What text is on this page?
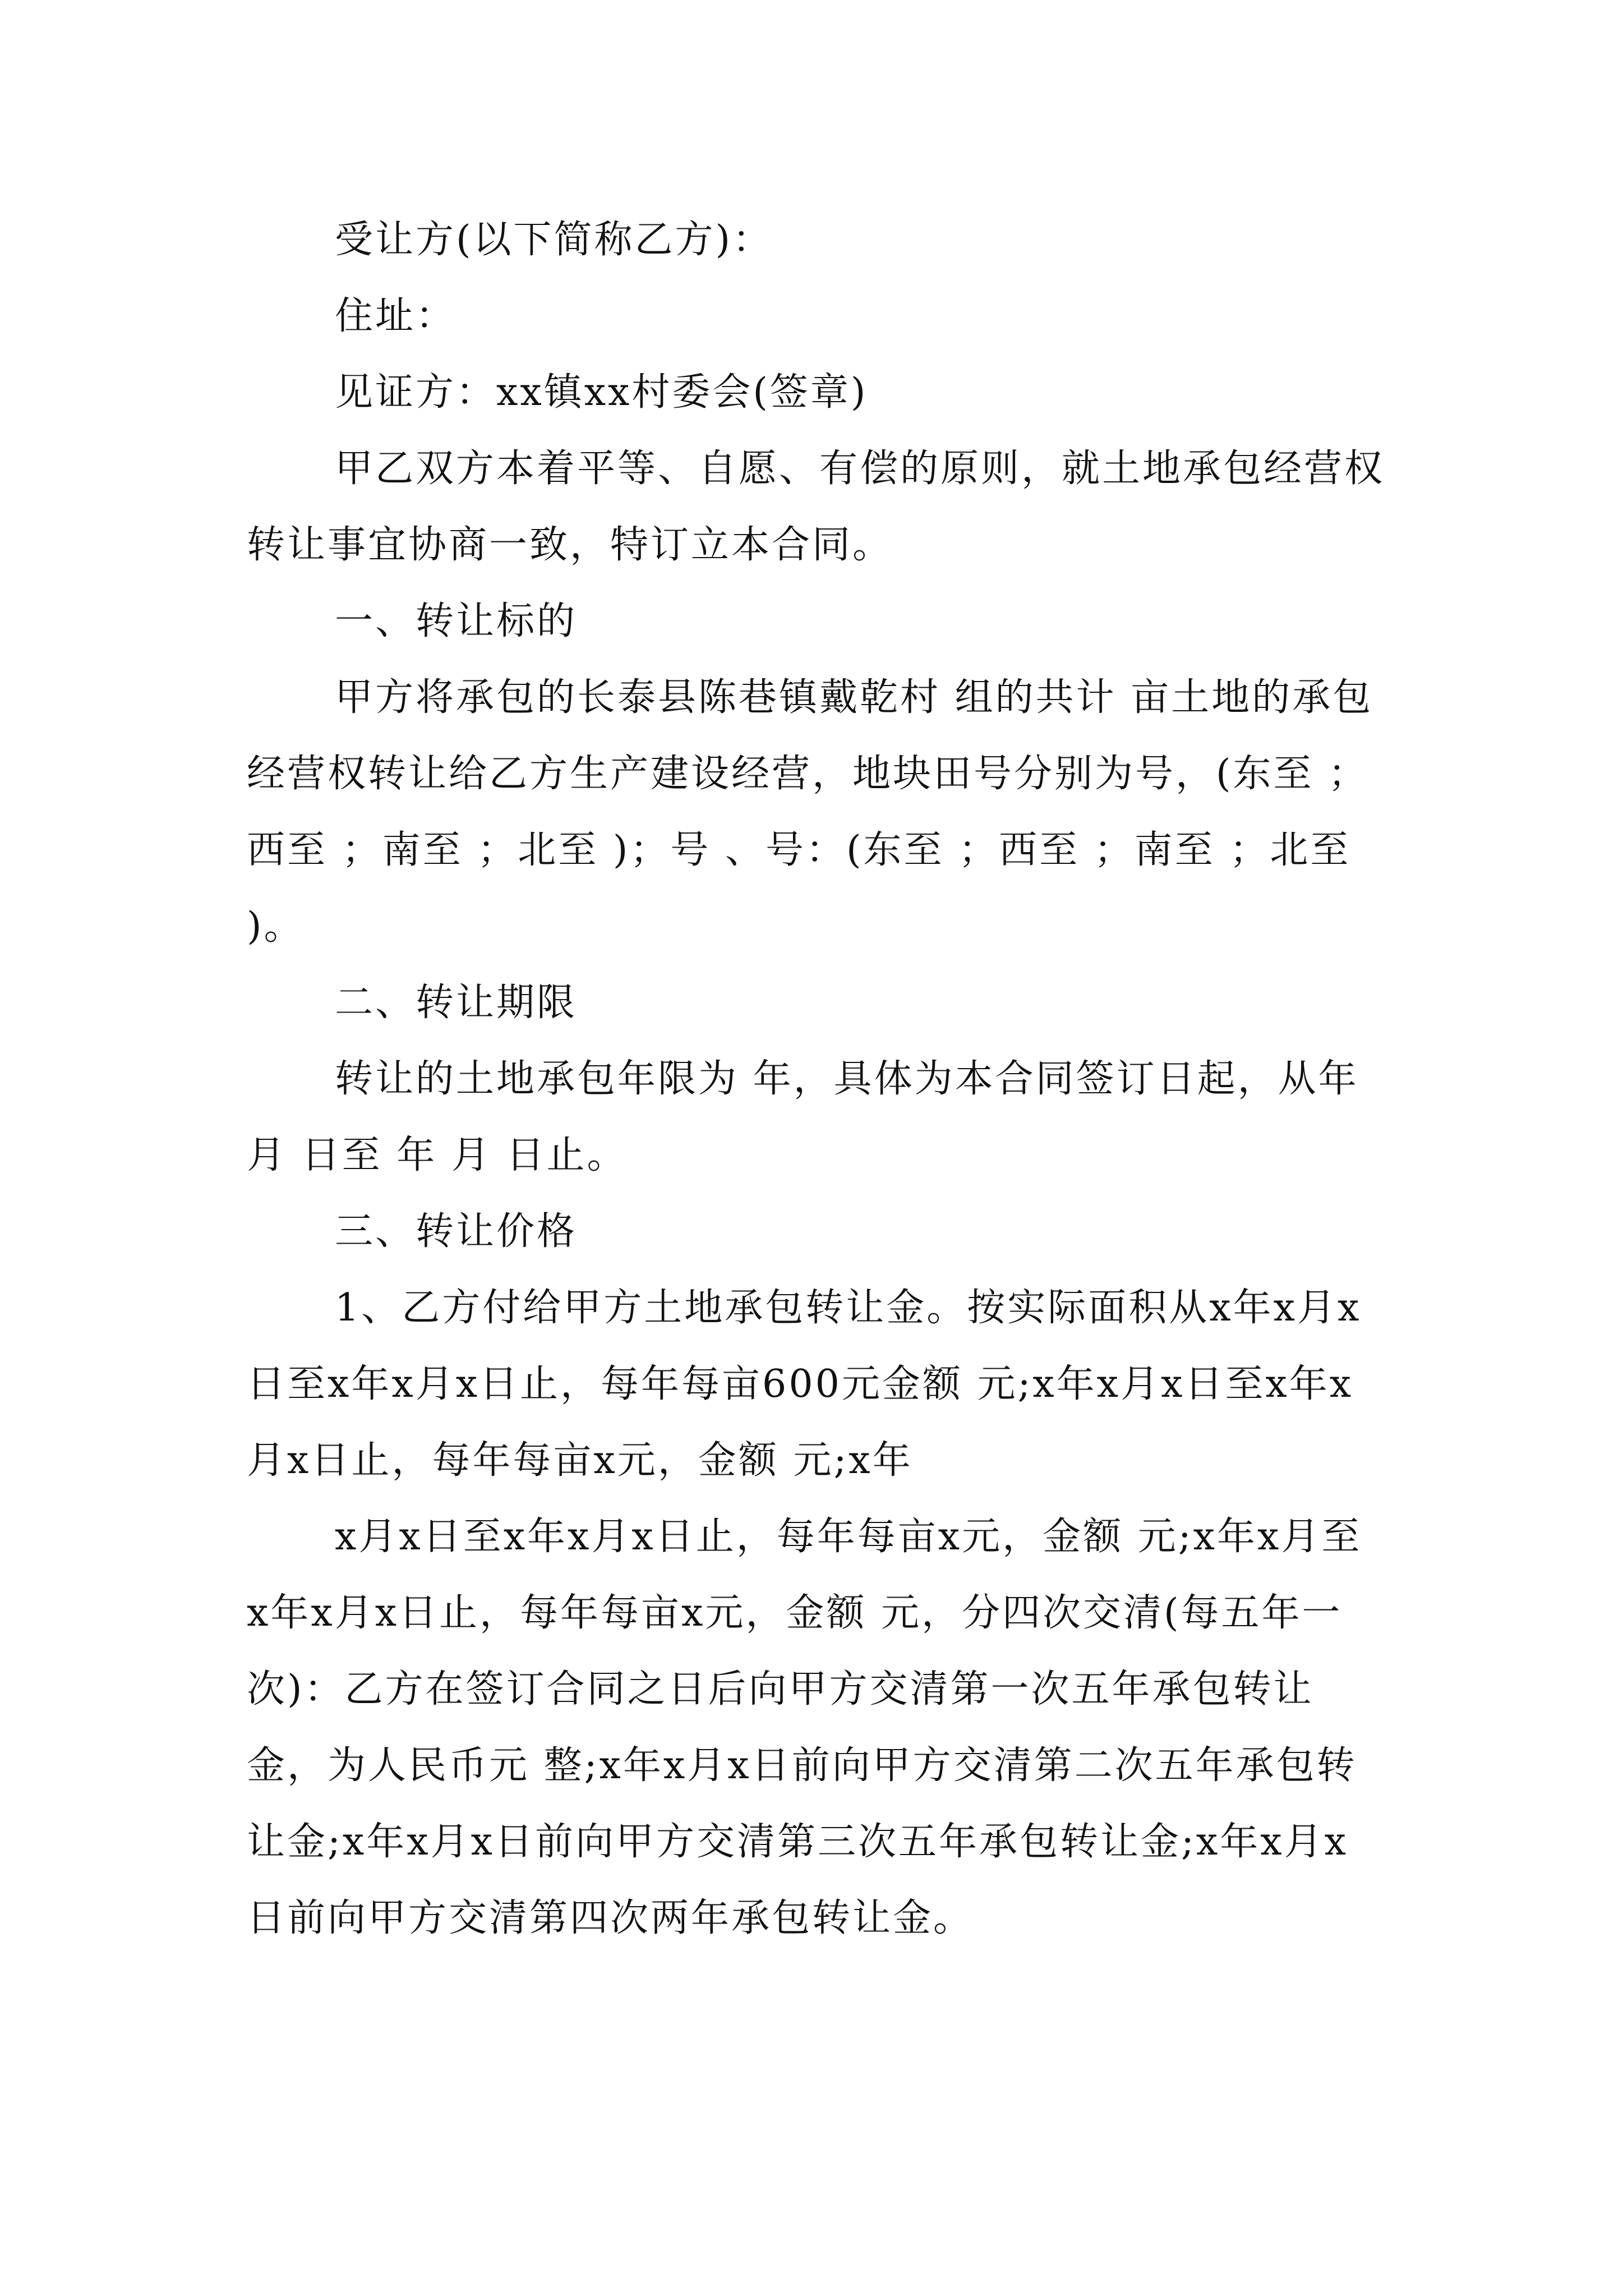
受让方(以下简称乙方)：

住址：

见证方：xx镇xx村委会(签章)

甲乙双方本着平等、自愿、有偿的原则，就土地承包经营权转让事宜协商一致，特订立本合同。

一、转让标的

甲方将承包的长泰县陈巷镇戴乾村 组的共计 亩土地的承包经营权转让给乙方生产建设经营，地块田号分别为号，(东至 ；西至 ；南至 ；北至 )；号 、号：(东至 ；西至 ；南至 ；北至 )。

二、转让期限

转让的土地承包年限为 年，具体为本合同签订日起，从年 月 日至 年 月 日止。

三、转让价格

1、乙方付给甲方土地承包转让金。按实际面积从x年x月x日至x年x月x日止，每年每亩600元金额 元;x年x月x日至x年x月x日止，每年每亩x元，金额 元;x年

x月x日至x年x月x日止，每年每亩x元，金额 元;x年x月至x年x月x日止，每年每亩x元，金额 元，分四次交清(每五年一次)：乙方在签订合同之日后向甲方交清第一次五年承包转让金，为人民币元 整;x年x月x日前向甲方交清第二次五年承包转让金;x年x月x日前向甲方交清第三次五年承包转让金;x年x月x日前向甲方交清第四次两年承包转让金。
